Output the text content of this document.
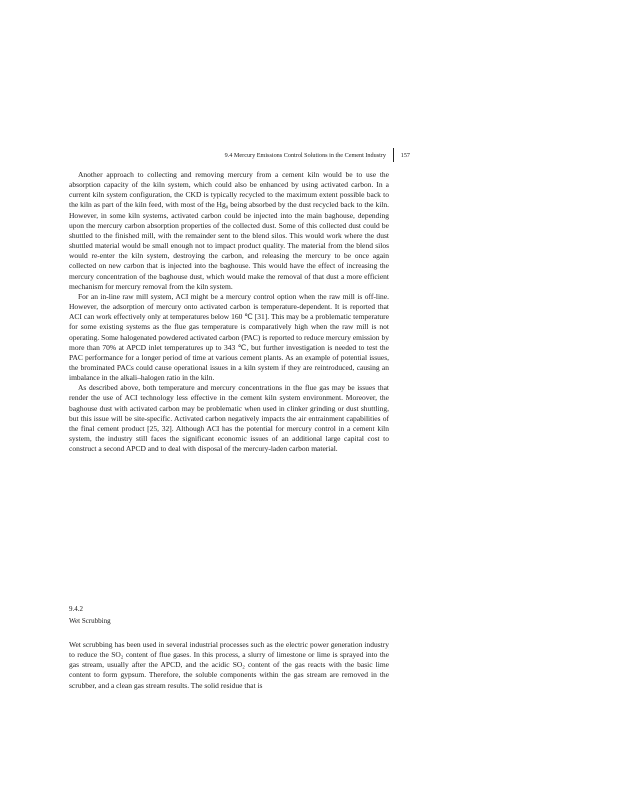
9.4 Mercury Emissions Control Solutions in the Cement Industry 157

Another approach to collecting and removing mercury from a cement kiln would be to use the absorption capacity of the kiln system, which could also be enhanced by using activated carbon. In a current kiln system configuration, the CKD is typically recycled to the maximum extent possible back to the kiln as part of the kiln feed, with most of the Hg₀ being absorbed by the dust recycled back to the kiln. However, in some kiln systems, activated carbon could be injected into the main baghouse, depending upon the mercury carbon absorption properties of the collected dust. Some of this collected dust could be shuttled to the finished mill, with the remainder sent to the blend silos. This would work where the dust shuttled material would be small enough not to impact product quality. The material from the blend silos would re-enter the kiln system, destroying the carbon, and releasing the mercury to be once again collected on new carbon that is injected into the baghouse. This would have the effect of increasing the mercury concentration of the baghouse dust, which would make the removal of that dust a more efficient mechanism for mercury removal from the kiln system.

For an in-line raw mill system, ACI might be a mercury control option when the raw mill is off-line. However, the adsorption of mercury onto activated carbon is temperature-dependent. It is reported that ACI can work effectively only at temperatures below 160 ℃ [31]. This may be a problematic temperature for some existing systems as the flue gas temperature is comparatively high when the raw mill is not operating. Some halogenated powdered activated carbon (PAC) is reported to reduce mercury emission by more than 70% at APCD inlet temperatures up to 343 ℃, but further investigation is needed to test the PAC performance for a longer period of time at various cement plants. As an example of potential issues, the brominated PACs could cause operational issues in a kiln system if they are reintroduced, causing an imbalance in the alkali–halogen ratio in the kiln.

As described above, both temperature and mercury concentrations in the flue gas may be issues that render the use of ACI technology less effective in the cement kiln system environment. Moreover, the baghouse dust with activated carbon may be problematic when used in clinker grinding or dust shuttling, but this issue will be site-specific. Activated carbon negatively impacts the air entrainment capabilities of the final cement product [25, 32]. Although ACI has the potential for mercury control in a cement kiln system, the industry still faces the significant economic issues of an additional large capital cost to construct a second APCD and to deal with disposal of the mercury-laden carbon material.

9.4.2
Wet Scrubbing

Wet scrubbing has been used in several industrial processes such as the electric power generation industry to reduce the SO₂ content of flue gases. In this process, a slurry of limestone or lime is sprayed into the gas stream, usually after the APCD, and the acidic SO₂ content of the gas reacts with the basic lime content to form gypsum. Therefore, the soluble components within the gas stream are removed in the scrubber, and a clean gas stream results. The solid residue that is
